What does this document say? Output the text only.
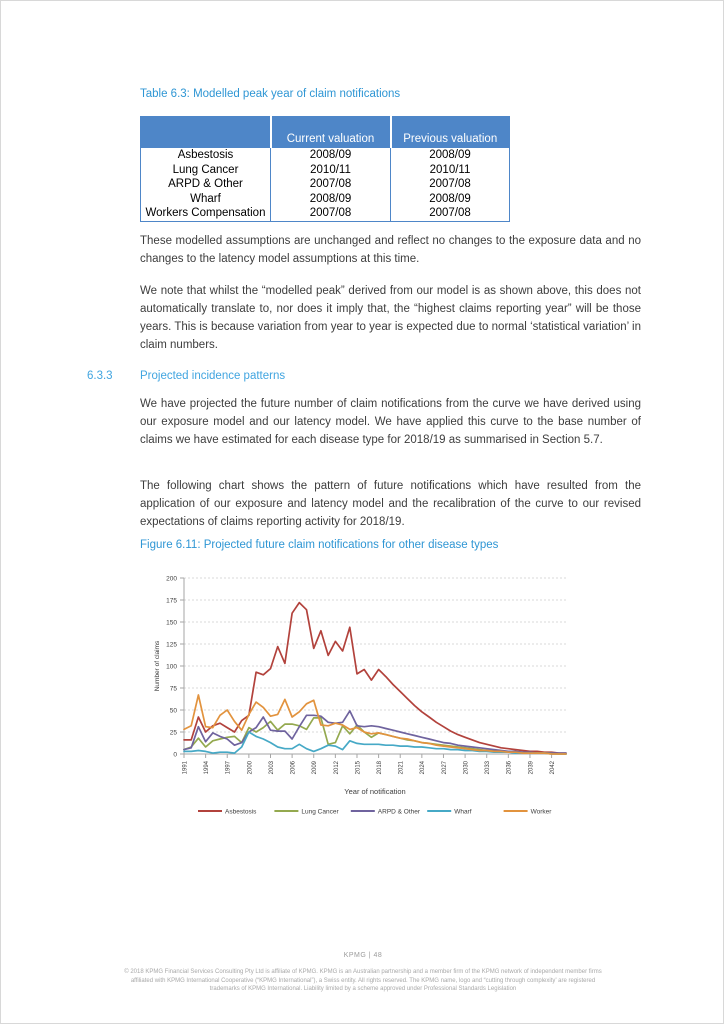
Table 6.3: Modelled peak year of claim notifications
	Current valuation	Previous valuation
Asbestosis	2008/09	2008/09
Lung Cancer	2010/11	2010/11
ARPD & Other	2007/08	2007/08
Wharf	2008/09	2008/09
Workers Compensation	2007/08	2007/08
These modelled assumptions are unchanged and reflect no changes to the exposure data and no changes to the latency model assumptions at this time.
We note that whilst the “modelled peak” derived from our model is as shown above, this does not automatically translate to, nor does it imply that, the “highest claims reporting year” will be those years. This is because variation from year to year is expected due to normal ‘statistical variation’ in claim numbers.
6.3.3 Projected incidence patterns
We have projected the future number of claim notifications from the curve we have derived using our exposure model and our latency model. We have applied this curve to the base number of claims we have estimated for each disease type for 2018/19 as summarised in Section 5.7.
The following chart shows the pattern of future notifications which have resulted from the application of our exposure and latency model and the recalibration of the curve to our revised expectations of claims reporting activity for 2018/19.
Figure 6.11: Projected future claim notifications for other disease types
0
25
50
75
100
125
150
175
200
1991	1994	1997	2000	2003	2006	2009	2012	2015	2018	2021	2024	2027	2030	2033	2036	2039	2042
Number of claims
Year of notification
Asbestosis	Lung Cancer	ARPD & Other	Wharf	Worker
KPMG | 48
© 2018 KPMG Financial Services Consulting Pty Ltd is affiliate of KPMG. KPMG is an Australian partnership and a member firm of the KPMG network of independent member firms
affiliated with KPMG International Cooperative (“KPMG International”), a Swiss entity. All rights reserved. The KPMG name, logo and “cutting through complexity’ are registered
trademarks of KPMG International. Liability limited by a scheme approved under Professional Standards Legislation
